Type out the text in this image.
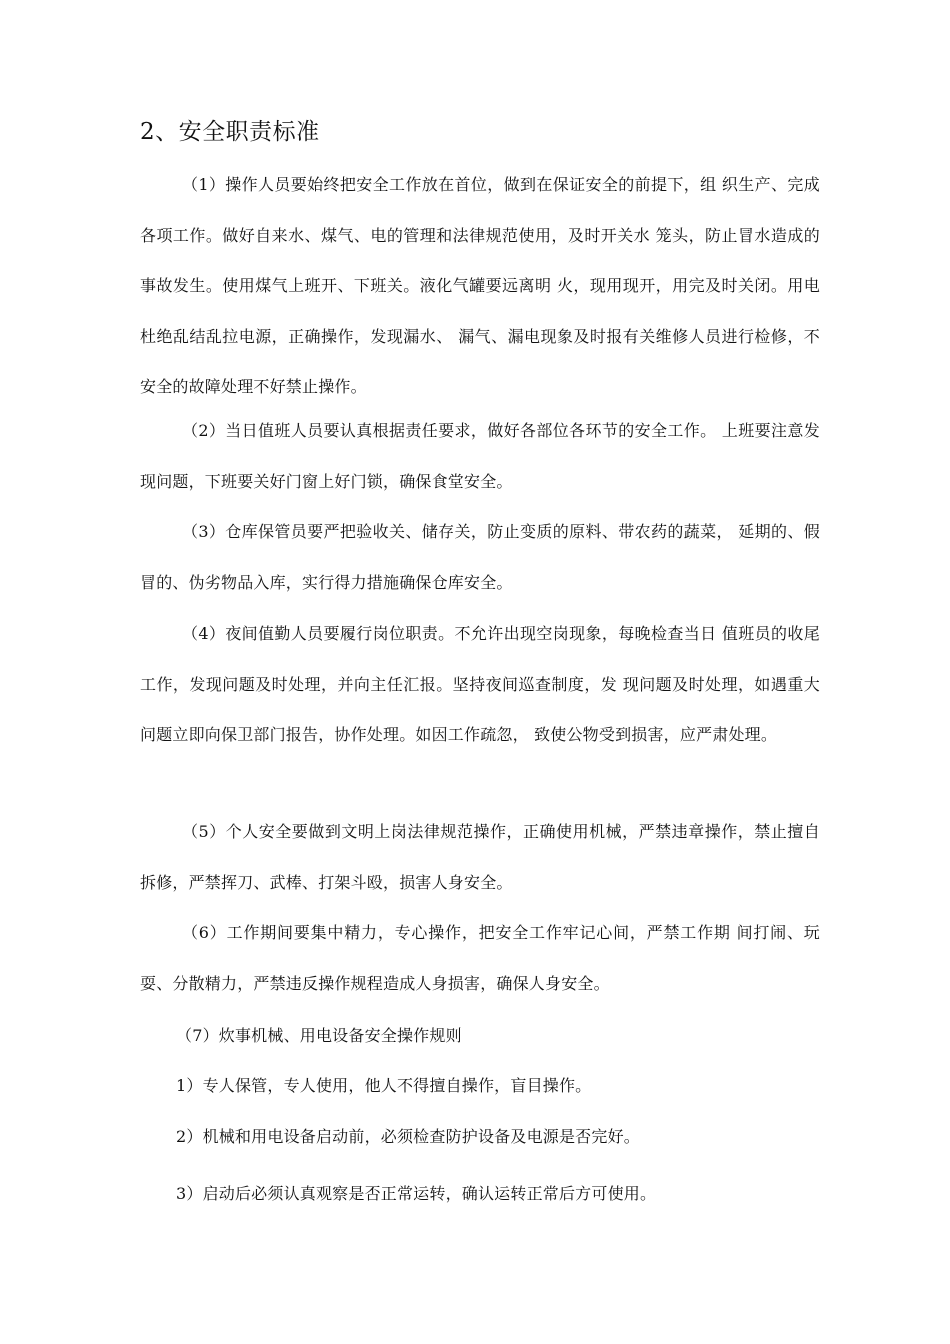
2、安全职责标准

（1）操作人员要始终把安全工作放在首位，做到在保证安全的前提下，组 织生产、完成各项工作。做好自来水、煤气、电的管理和法律规范使用，及时开关水 笼头，防止冒水造成的事故发生。使用煤气上班开、下班关。液化气罐要远离明 火，现用现开，用完及时关闭。用电杜绝乱结乱拉电源，正确操作，发现漏水、 漏气、漏电现象及时报有关维修人员进行检修，不安全的故障处理不好禁止操作。

（2）当日值班人员要认真根据责任要求，做好各部位各环节的安全工作。 上班要注意发现问题，下班要关好门窗上好门锁，确保食堂安全。

（3）仓库保管员要严把验收关、储存关，防止变质的原料、带农药的蔬菜， 延期的、假冒的、伪劣物品入库，实行得力措施确保仓库安全。

（4）夜间值勤人员要履行岗位职责。不允许出现空岗现象，每晚检查当日 值班员的收尾工作，发现问题及时处理，并向主任汇报。坚持夜间巡查制度，发 现问题及时处理，如遇重大问题立即向保卫部门报告，协作处理。如因工作疏忽， 致使公物受到损害，应严肃处理。

（5）个人安全要做到文明上岗法律规范操作，正确使用机械，严禁违章操作，禁止擅自拆修，严禁挥刀、武棒、打架斗殴，损害人身安全。

（6）工作期间要集中精力，专心操作，把安全工作牢记心间，严禁工作期 间打闹、玩耍、分散精力，严禁违反操作规程造成人身损害，确保人身安全。

（7）炊事机械、用电设备安全操作规则

1）专人保管，专人使用，他人不得擅自操作，盲目操作。

2）机械和用电设备启动前，必须检查防护设备及电源是否完好。

3）启动后必须认真观察是否正常运转，确认运转正常后方可使用。
